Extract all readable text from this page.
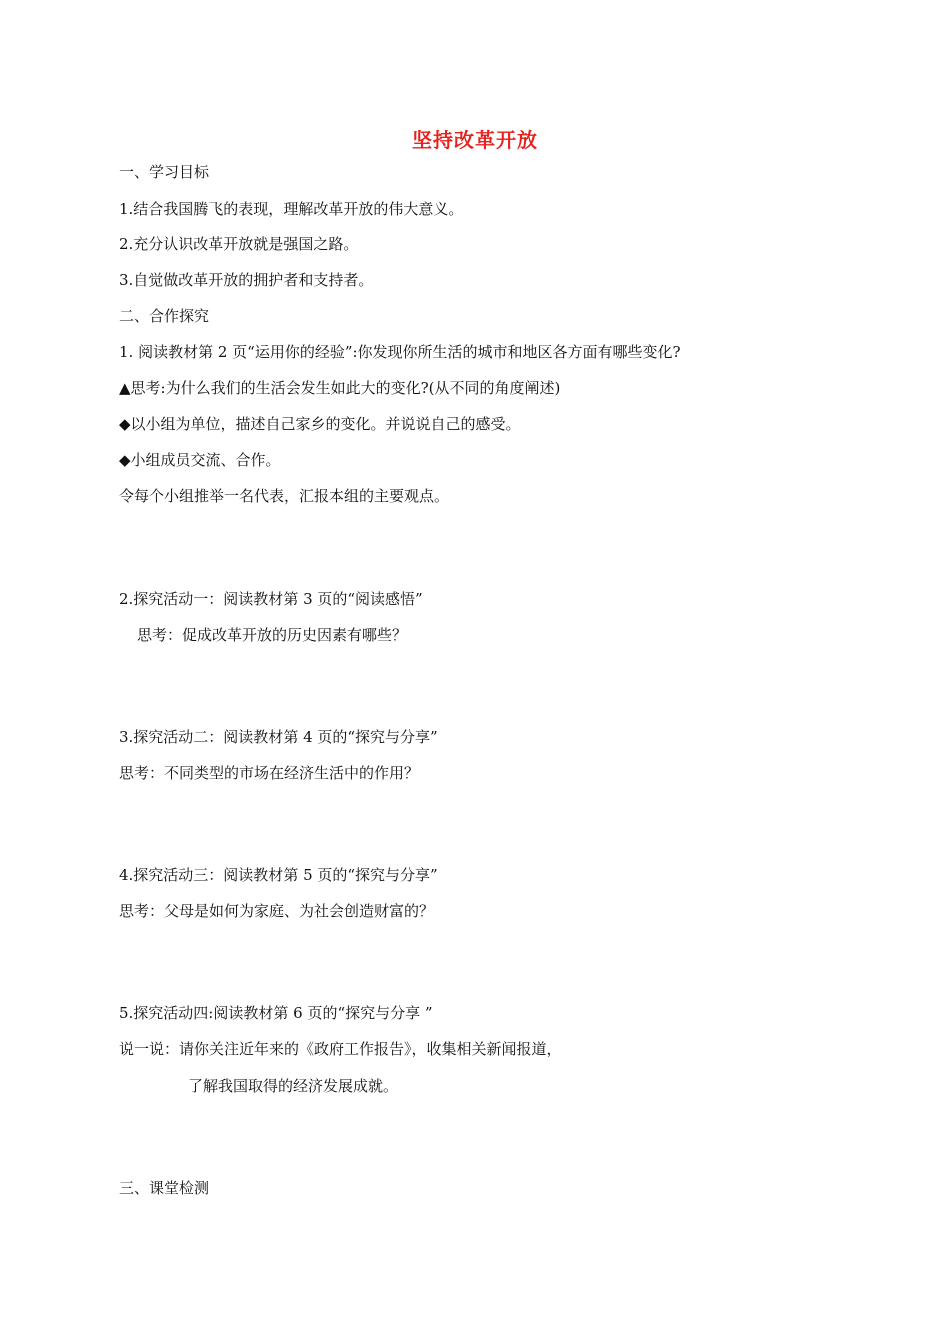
坚持改革开放
一、学习目标
1.结合我国腾飞的表现，理解改革开放的伟大意义。
2.充分认识改革开放就是强国之路。
3.自觉做改革开放的拥护者和支持者。
二、合作探究
1. 阅读教材第 2 页“运用你的经验”:你发现你所生活的城市和地区各方面有哪些变化?
▲思考:为什么我们的生活会发生如此大的变化?(从不同的角度阐述)
◆以小组为单位，描述自己家乡的变化。并说说自己的感受。
◆小组成员交流、合作。
令每个小组推举一名代表，汇报本组的主要观点。
2.探究活动一：阅读教材第 3 页的“阅读感悟”
思考：促成改革开放的历史因素有哪些？
3.探究活动二：阅读教材第 4 页的“探究与分享”
思考：不同类型的市场在经济生活中的作用？
4.探究活动三：阅读教材第 5 页的“探究与分享”
思考：父母是如何为家庭、为社会创造财富的？
5.探究活动四:阅读教材第 6 页的“探究与分享 ”
说一说：请你关注近年来的《政府工作报告》，收集相关新闻报道，
了解我国取得的经济发展成就。
三、课堂检测
